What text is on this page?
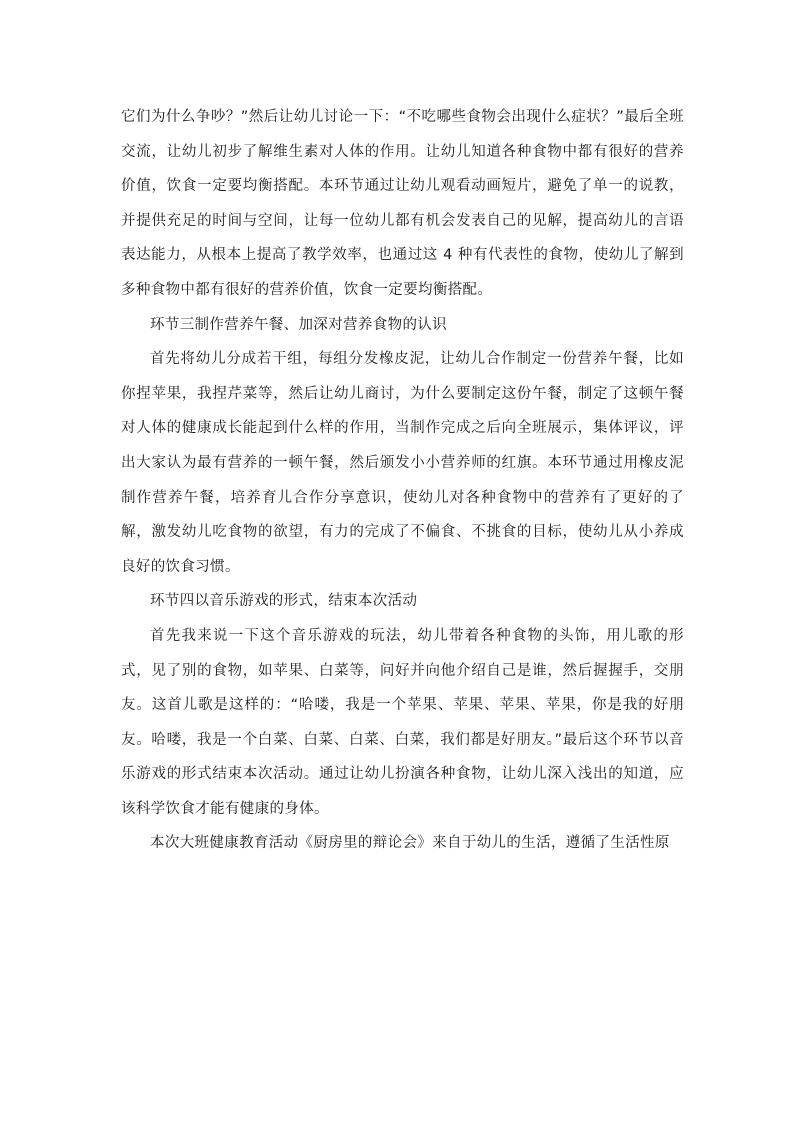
它们为什么争吵？”然后让幼儿讨论一下：“不吃哪些食物会出现什么症状？”最后全班交流，让幼儿初步了解维生素对人体的作用。让幼儿知道各种食物中都有很好的营养价值，饮食一定要均衡搭配。本环节通过让幼儿观看动画短片，避免了单一的说教，并提供充足的时间与空间，让每一位幼儿都有机会发表自己的见解，提高幼儿的言语表达能力，从根本上提高了教学效率，也通过这 4 种有代表性的食物，使幼儿了解到多种食物中都有很好的营养价值，饮食一定要均衡搭配。

环节三制作营养午餐、加深对营养食物的认识

首先将幼儿分成若干组，每组分发橡皮泥，让幼儿合作制定一份营养午餐，比如你捏苹果，我捏芹菜等，然后让幼儿商讨，为什么要制定这份午餐，制定了这顿午餐对人体的健康成长能起到什么样的作用，当制作完成之后向全班展示，集体评议，评出大家认为最有营养的一顿午餐，然后颁发小小营养师的红旗。本环节通过用橡皮泥制作营养午餐，培养育儿合作分享意识，使幼儿对各种食物中的营养有了更好的了解，激发幼儿吃食物的欲望，有力的完成了不偏食、不挑食的目标，使幼儿从小养成良好的饮食习惯。

环节四以音乐游戏的形式，结束本次活动

首先我来说一下这个音乐游戏的玩法，幼儿带着各种食物的头饰，用儿歌的形式，见了别的食物，如苹果、白菜等，问好并向他介绍自己是谁，然后握握手，交朋友。这首儿歌是这样的：“哈喽，我是一个苹果、苹果、苹果、苹果，你是我的好朋友。哈喽，我是一个白菜、白菜、白菜、白菜，我们都是好朋友。”最后这个环节以音乐游戏的形式结束本次活动。通过让幼儿扮演各种食物，让幼儿深入浅出的知道，应该科学饮食才能有健康的身体。

本次大班健康教育活动《厨房里的辩论会》来自于幼儿的生活，遵循了生活性原
